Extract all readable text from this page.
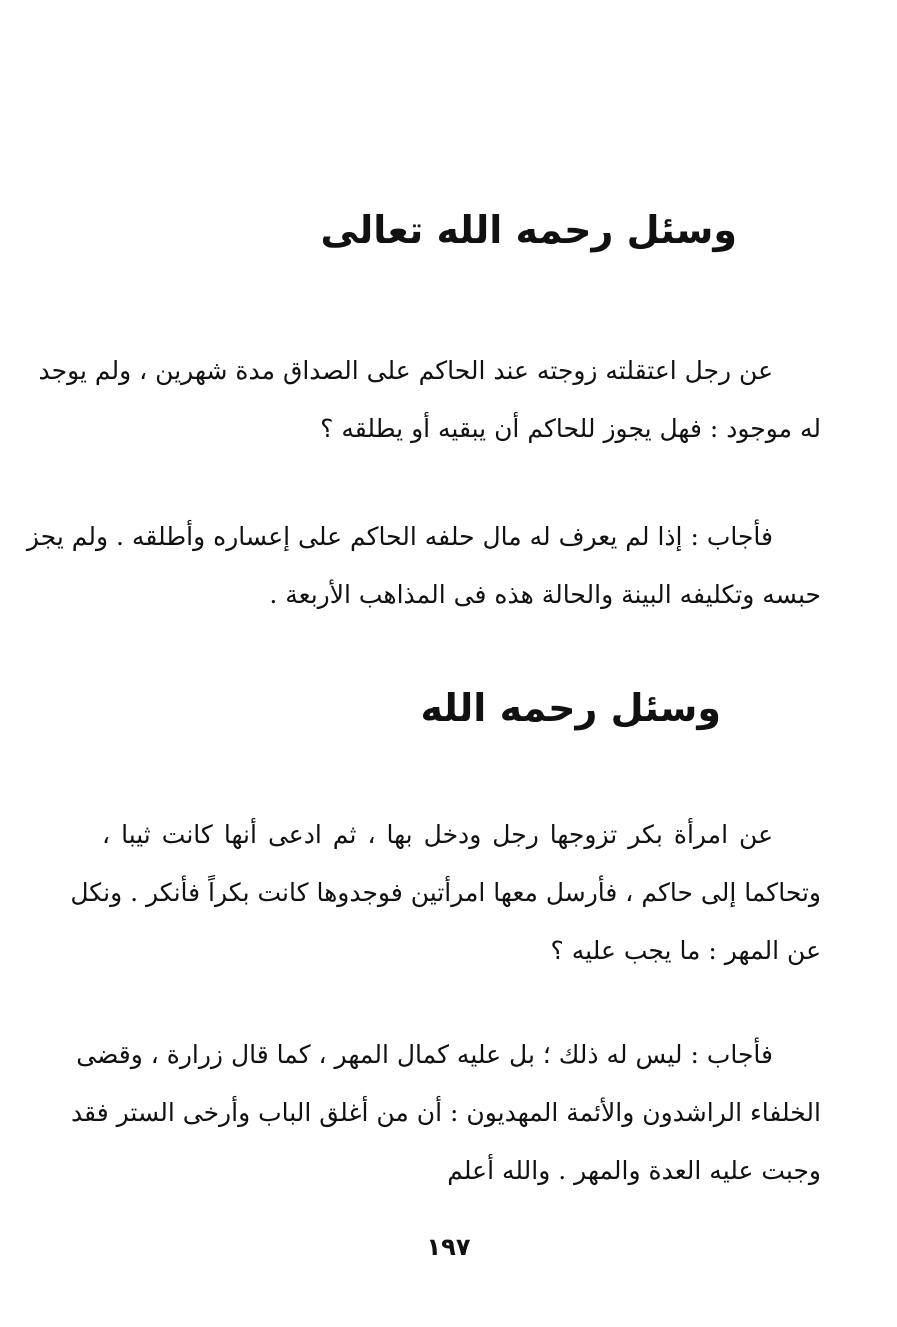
وسئل رحمه الله تعالى

عن رجل اعتقلته زوجته عند الحاكم على الصداق مدة شهرين ، ولم يوجد
له موجود : فهل يجوز للحاكم أن يبقيه أو يطلقه ؟

فأجاب : إذا لم يعرف له مال حلفه الحاكم على إعساره وأطلقه . ولم يجز
حبسه وتكليفه البينة والحالة هذه فى المذاهب الأربعة .

وسئل رحمه الله

عن امرأة بكر تزوجها رجل ودخل بها ، ثم ادعى أنها كانت ثيبا ،
وتحاكما إلى حاكم ، فأرسل معها امرأتين فوجدوها كانت بكراً فأنكر . ونكل
عن المهر : ما يجب عليه ؟

فأجاب : ليس له ذلك ؛ بل عليه كمال المهر ، كما قال زرارة ، وقضى
الخلفاء الراشدون والأئمة المهديون : أن من أغلق الباب وأرخى الستر فقد
وجبت عليه العدة والمهر . والله أعلم

١٩٧
